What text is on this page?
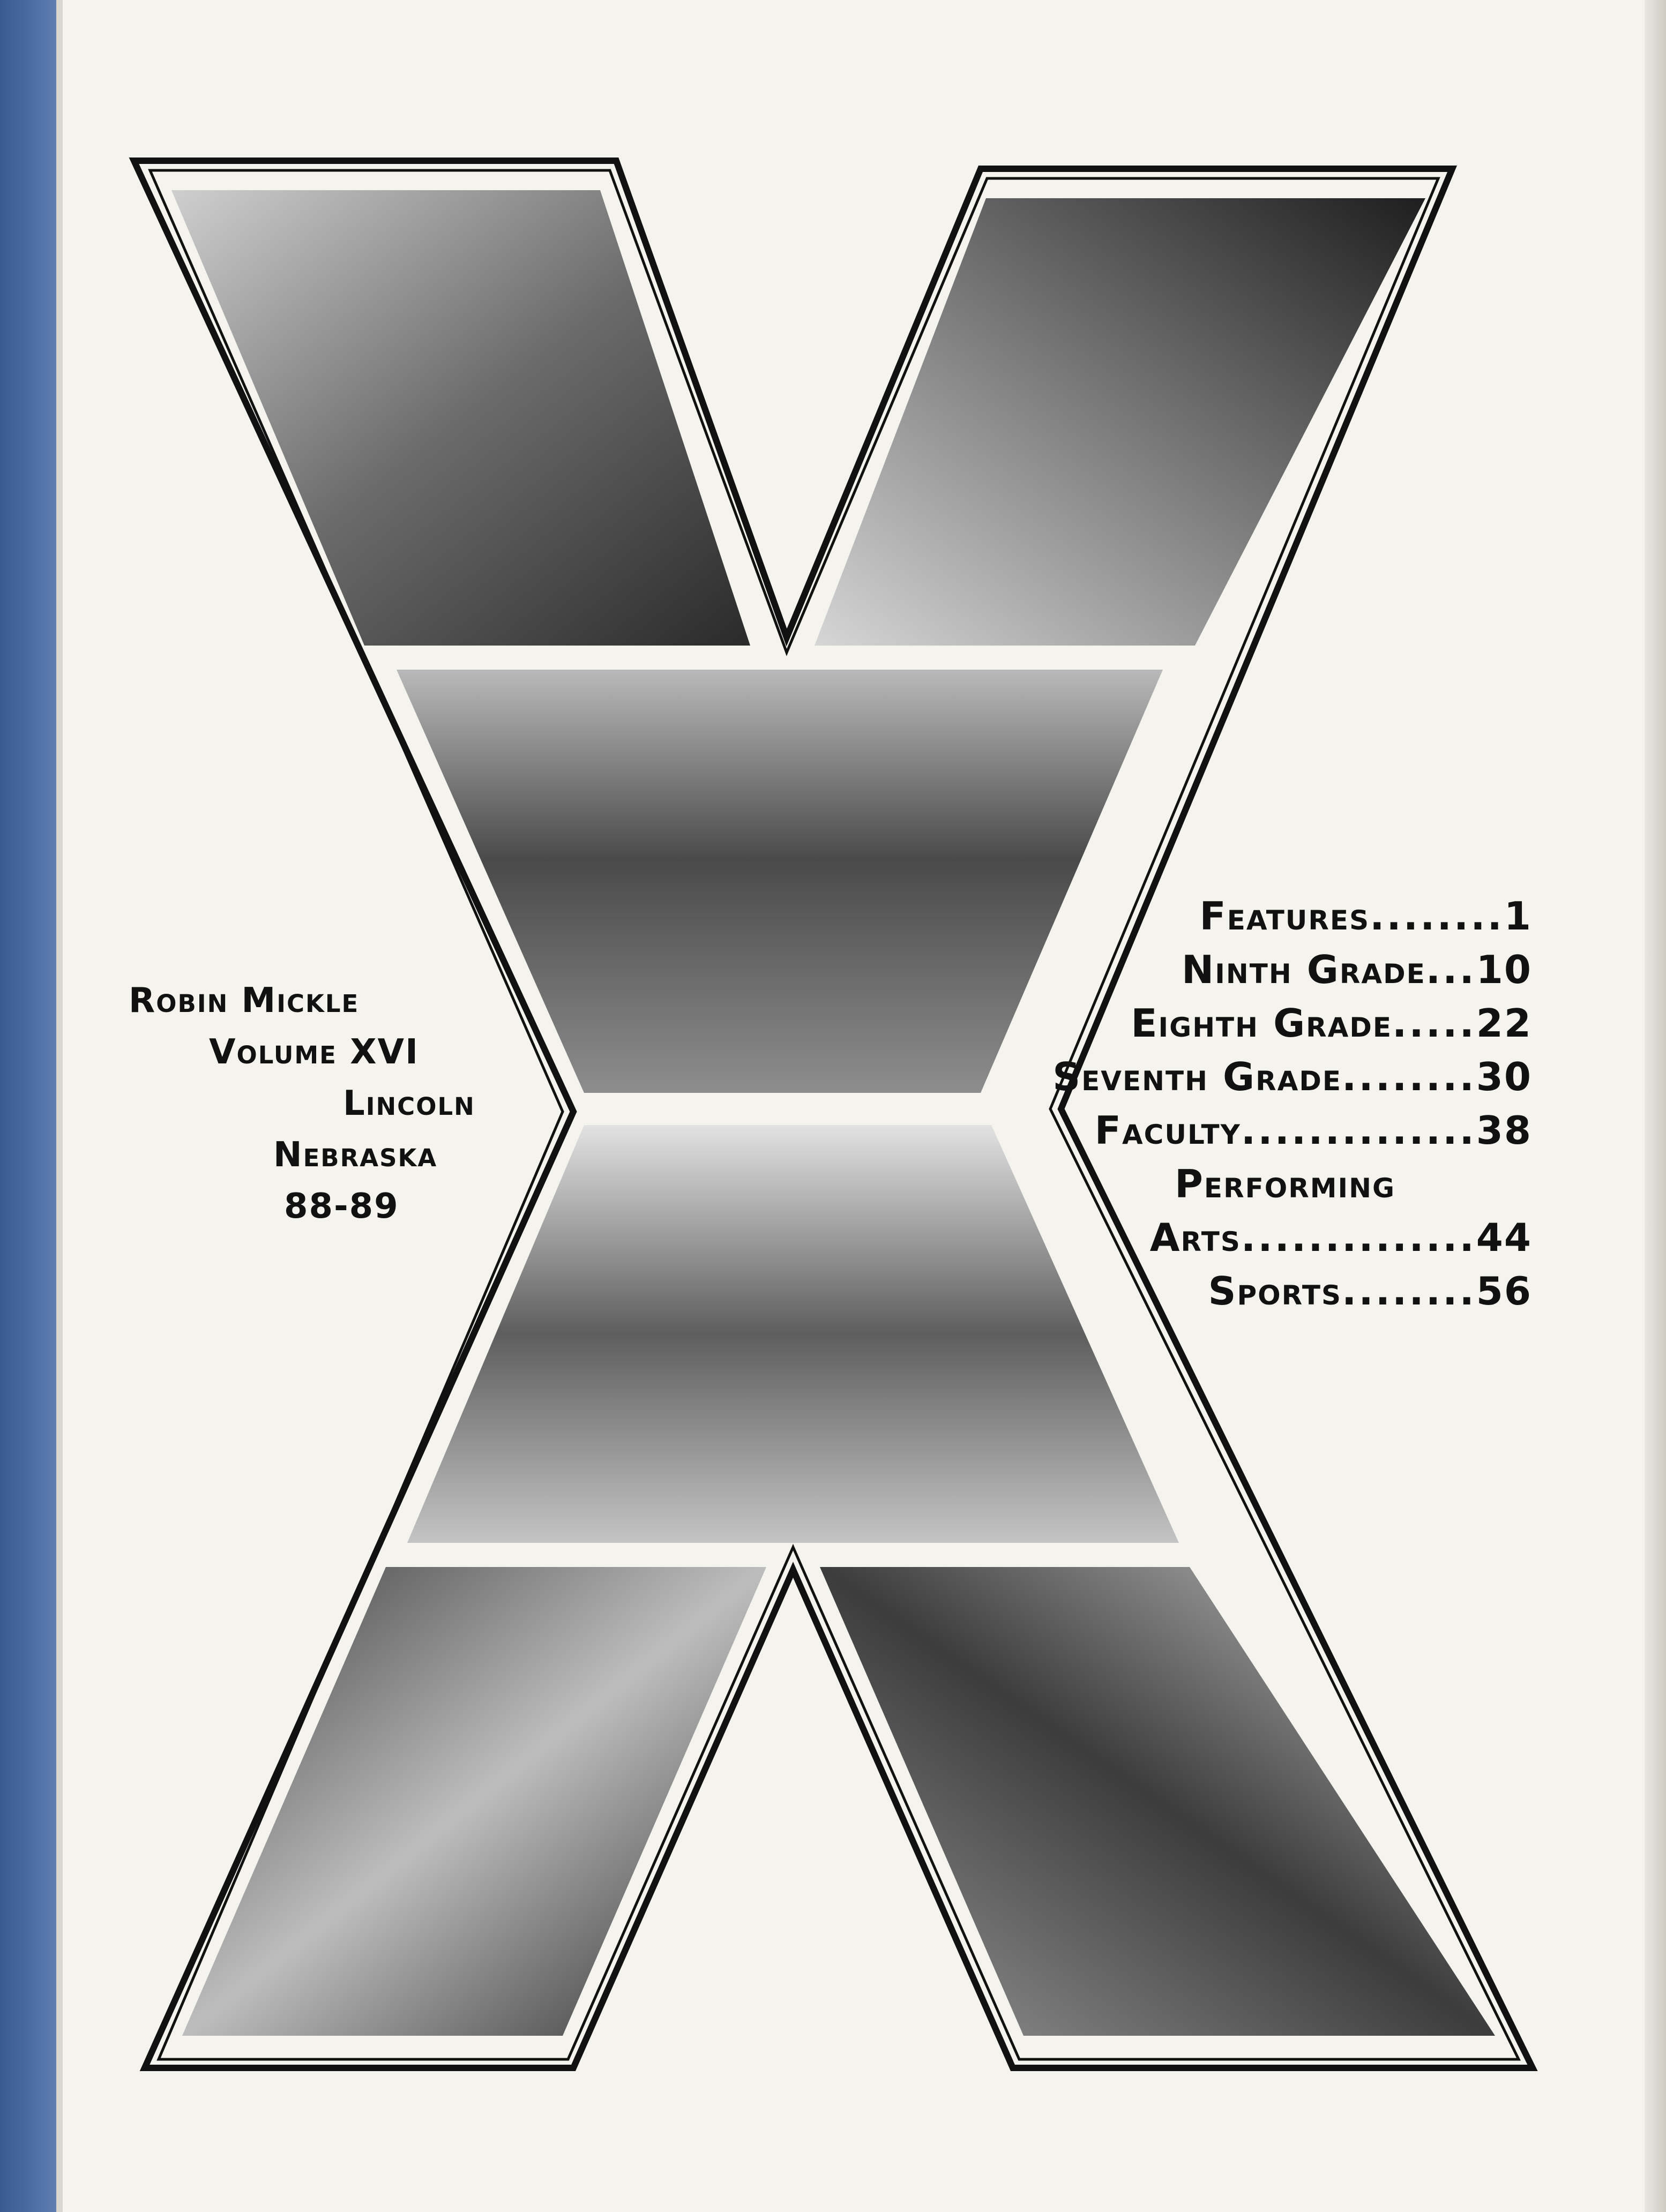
Robin Mickle
Volume XVI
Lincoln
Nebraska
88-89
Features........1
Ninth Grade...10
Eighth Grade.....22
Seventh Grade........30
Faculty..............38
Performing
Arts..............44
Sports........56
